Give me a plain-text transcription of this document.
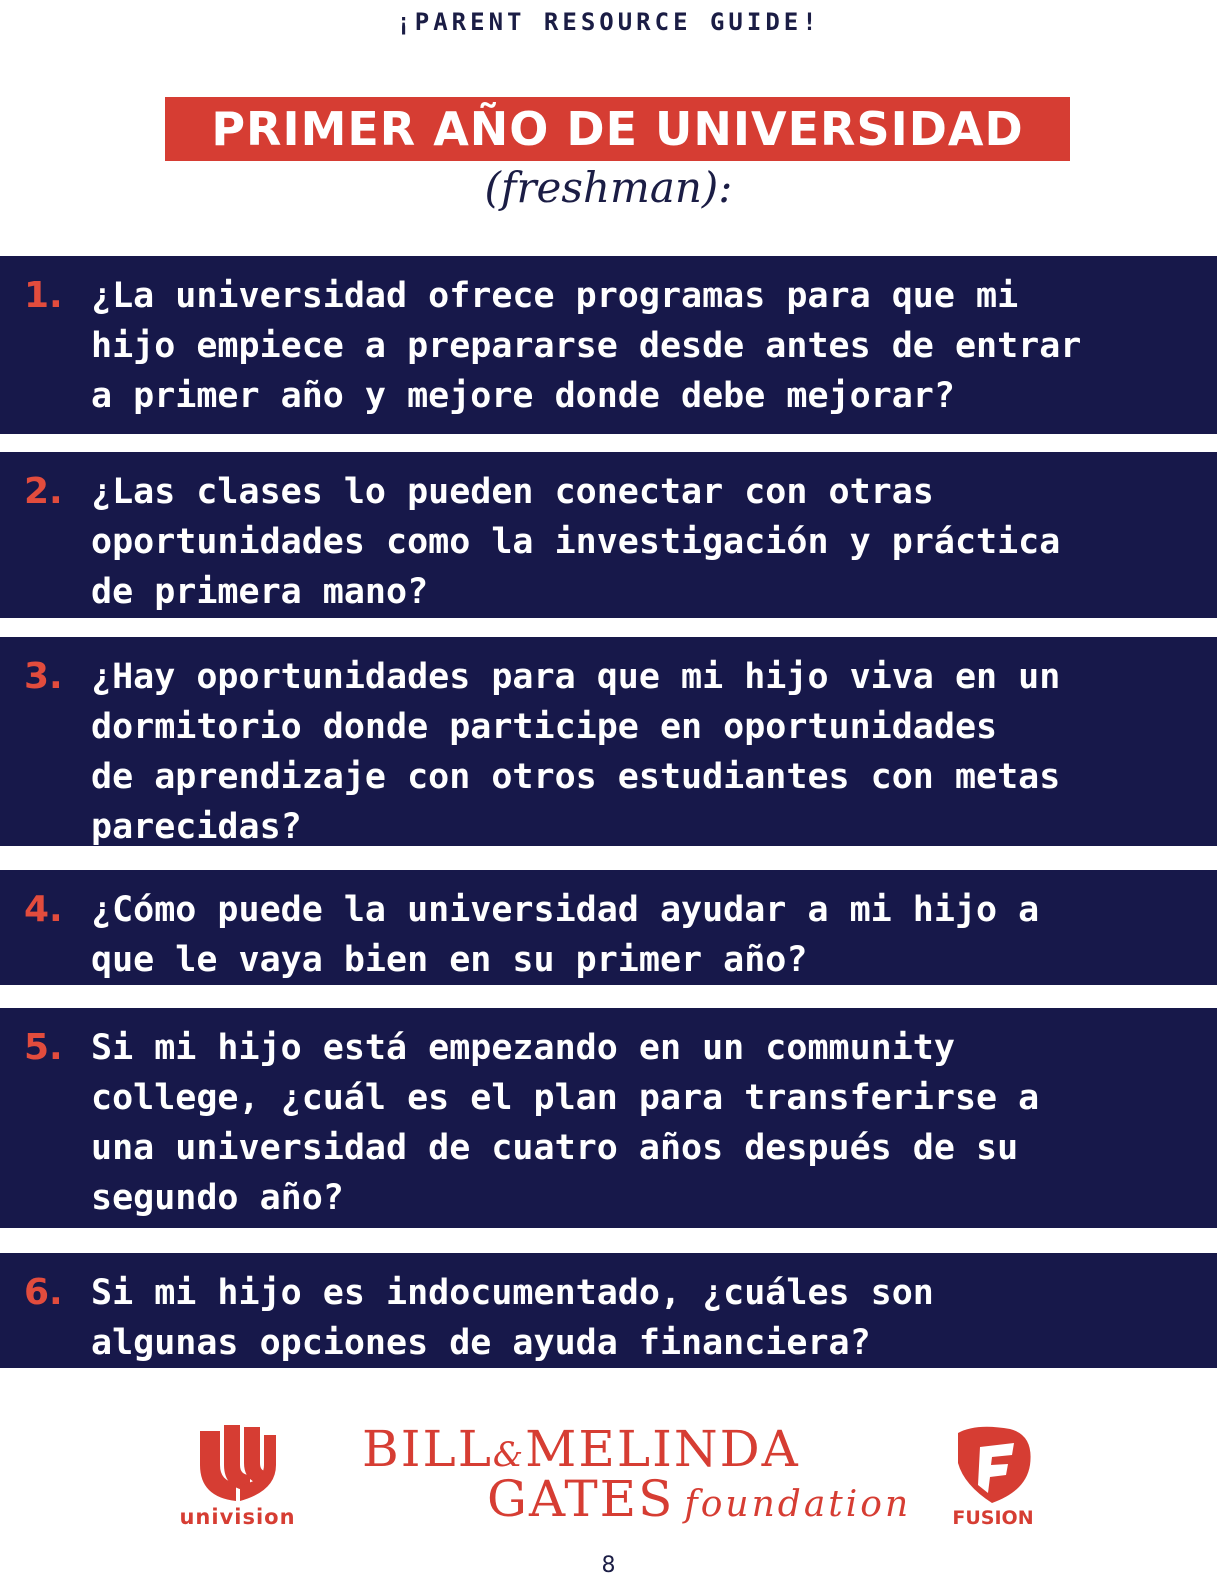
¡PARENT RESOURCE GUIDE!
PRIMER AÑO DE UNIVERSIDAD
(freshman):
1. ¿La universidad ofrece programas para que mi
hijo empiece a prepararse desde antes de entrar
a primer año y mejore donde debe mejorar?
2. ¿Las clases lo pueden conectar con otras
oportunidades como la investigación y práctica
de primera mano?
3. ¿Hay oportunidades para que mi hijo viva en un
dormitorio donde participe en oportunidades
de aprendizaje con otros estudiantes con metas
parecidas?
4. ¿Cómo puede la universidad ayudar a mi hijo a
que le vaya bien en su primer año?
5. Si mi hijo está empezando en un community
college, ¿cuál es el plan para transferirse a
una universidad de cuatro años después de su
segundo año?
6. Si mi hijo es indocumentado, ¿cuáles son
algunas opciones de ayuda financiera?
univision
BILL&MELINDA
GATES foundation FUSION
8
